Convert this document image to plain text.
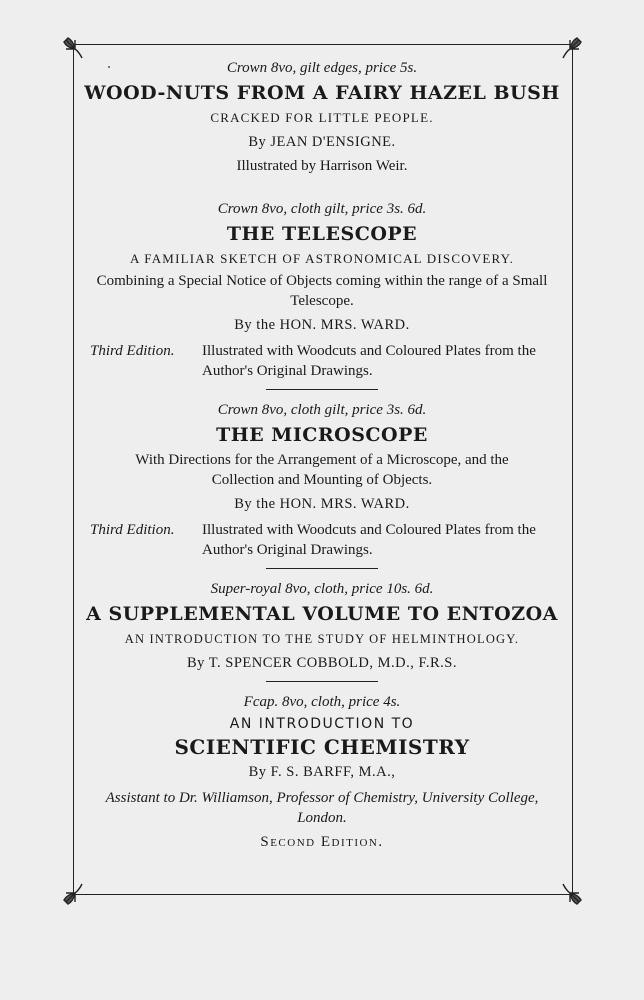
Crown 8vo, gilt edges, price 5s.

WOOD-NUTS FROM A FAIRY HAZEL BUSH

CRACKED FOR LITTLE PEOPLE.

By JEAN D'ENSIGNE.

Illustrated by Harrison Weir.

Crown 8vo, cloth gilt, price 3s. 6d.

THE TELESCOPE

A FAMILIAR SKETCH OF ASTRONOMICAL DISCOVERY.

Combining a Special Notice of Objects coming within the range of a Small Telescope.

By the HON. MRS. WARD.

Third Edition.	Illustrated with Woodcuts and Coloured Plates from the Author's Original Drawings.

Crown 8vo, cloth gilt, price 3s. 6d.

THE MICROSCOPE

With Directions for the Arrangement of a Microscope, and the Collection and Mounting of Objects.

By the HON. MRS. WARD.

Third Edition.	Illustrated with Woodcuts and Coloured Plates from the Author's Original Drawings.

Super-royal 8vo, cloth, price 10s. 6d.

A SUPPLEMENTAL VOLUME TO ENTOZOA

AN INTRODUCTION TO THE STUDY OF HELMINTHOLOGY.

By T. SPENCER COBBOLD, M.D., F.R.S.

Fcap. 8vo, cloth, price 4s.

AN INTRODUCTION TO

SCIENTIFIC CHEMISTRY

By F. S. BARFF, M.A.,

Assistant to Dr. Williamson, Professor of Chemistry, University College, London.

Second Edition.
